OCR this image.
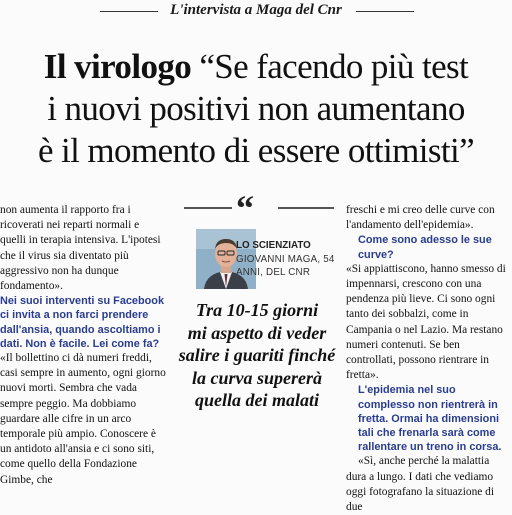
L'intervista a Maga del Cnr
Il virologo “Se facendo più test
i nuovi positivi non aumentano
è il momento di essere ottimisti”

non aumenta il rapporto fra i ricoverati nei reparti normali e quelli in terapia intensiva. L'ipotesi che il virus sia diventato più aggressivo non ha dunque fondamento».

Nei suoi interventi su Facebook ci invita a non farci prendere dall'ansia, quando ascoltiamo i dati. Non è facile. Lei come fa?

«Il bollettino ci dà numeri freddi, casi sempre in aumento, ogni giorno nuovi morti. Sembra che vada sempre peggio. Ma dobbiamo guardare alle cifre in un arco temporale più ampio. Conoscere è un antidoto all'ansia e ci sono siti, come quello della Fondazione Gimbe, che

“
LO SCIENZIATO
GIOVANNI MAGA, 54 ANNI, DEL CNR
Tra 10-15 giorni
mi aspetto di veder
salire i guariti finché
la curva supererà
quella dei malati

freschi e mi creo delle curve con l'andamento dell'epidemia».

Come sono adesso le sue curve?

«Si appiattiscono, hanno smesso di impennarsi, crescono con una pendenza più lieve. Ci sono ogni tanto dei sobbalzi, come in Campania o nel Lazio. Ma restano numeri contenuti. Se ben controllati, possono rientrare in fretta».

L'epidemia nel suo complesso non rientrerà in fretta. Ormai ha dimensioni tali che frenarla sarà come rallentare un treno in corsa.

«Sì, anche perché la malattia dura a lungo. I dati che vediamo oggi fotografano la situazione di due
